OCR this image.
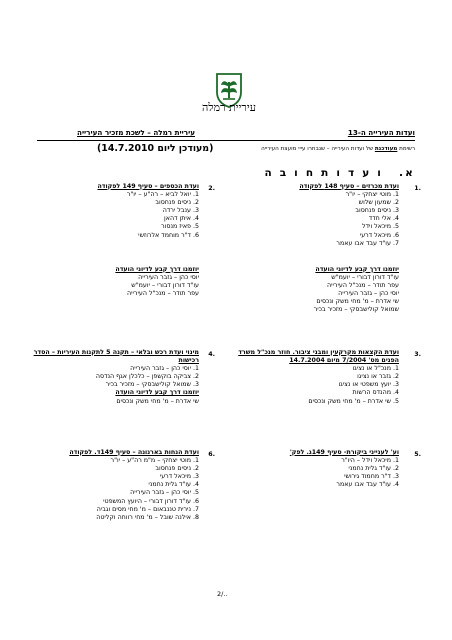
עיריית רמלה
ועדות העירייה ה-13
עיריית רמלה – לשכת מזכיר העירייה
רשימת מעודכנת של ועדות העירייה – שנבחרו עייי מועצת העירייה
(מעודכן ליום 14.7.2010)
א. ו ע ד ו ת ח ו ב ה
1.
ועדת מכרזים – סעיף 148 לפקודה
1. מוטי יצחקי – יו"ר
2. שמעון שלוש
3. ניסים פנחסוב
4. אלי חדד
5. מיכאל וידל
6. מיכאל דרעי
7. עו"ד עבד אבו עאמר
יוזמנו דרך קבע לדיוני הועדה
עו"ד דורון דבורי – יועמ"ש
עפר תודר – מנכ"ל העירייה
יוסי כהן – גזבר העירייה
שי אדרת – מ' מחי משק ונכסים
שמואל קולישבסקי – מזכיר בכיר
2.
ועדת הכספים – סעיף 149 לפקודה
1. יואל לביא – רה"ע – יו"ר
2. ניסים פנחסוב
3. ענבל ירדה
4. איתן דהאן
5. פאיז מנסור
6. ד"ר מוחמד אלרוזשי
יוזמנו דרך קבע לדיוני הועדה
יוסי כהן – גזבר העירייה
עו"ד דורון דבורי – יועמ"ש
עפר תודר – מנכ"ל העירייה
3.
ועדת הקצאות מקרקעין ומבני ציבור. חוזר מנכ"ל משרד הפנים מס' 7/2004 מיום 14.7.2004
1. מנכ"ל או נציגו
2. גזבר או נציגו
3. יועץ משפטי או נציגו
4. מהנדס הרשות
5. שי אדרת – מ' מחי משק ונכסים
4.
מינוי ועדת רכש ובלאי – תקנה 5 לתקנות העיריות – הסדר רכישות
1. יוסי כהן – גזבר העירייה
2. צביקה בוקשפן – כלכלן אגף הנדסה
3. שמואל קולישבסקי – מזכיר בכיר
יוזמנו דרך קבע לדיוני הועדה
שי אדרת – מ' מחי משק ונכסים
5.
וע' לענייני ביקורת- סעיף 149ג. לפק'
1. מיכאל וידל – היו"ר
2. עו"ד גלית נחמני
3. ד"ר מחמוד גירושי
4. עו"ד עבד אבו עאמר
6.
ועדת הנחות בארנונה – סעיף 149ד. לפקודה
1. מוטי יצחקי – מ"מ רה"ע – יו"ר
2. ניסים פנחסוב
3. מיכאל דרעי
4. עו"ד גלית נחמני
5. יוסי כהן – גזבר העירייה
6. עו"ד דורון דבורי – היועץ המשפטי
7. נירית טננבאום – מ' מחי מסים וגביה
8. אילנה שובל – מ' מחי רווחה וקליטה
2/..
